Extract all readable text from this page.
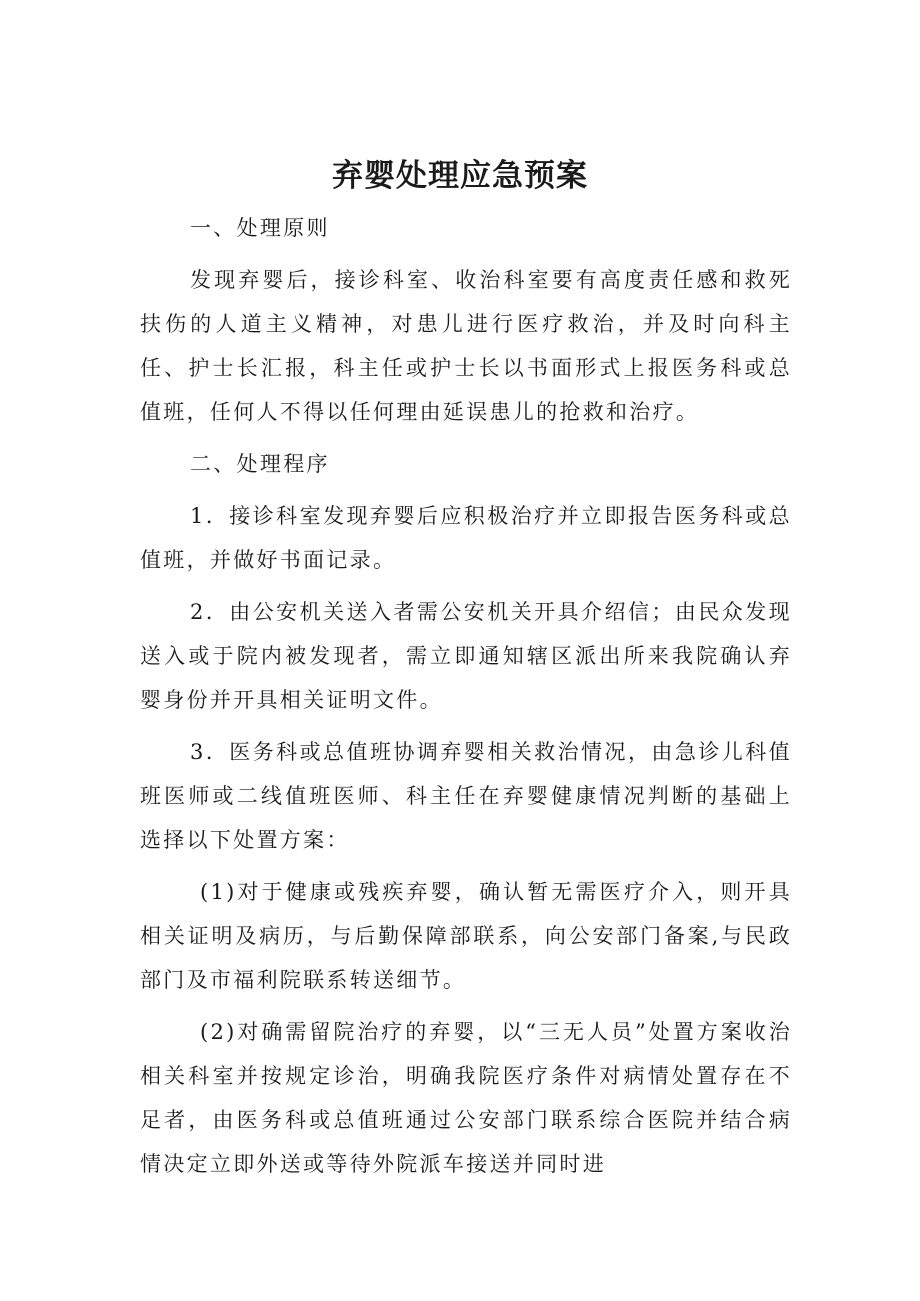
弃婴处理应急预案

一、处理原则

发现弃婴后，接诊科室、收治科室要有高度责任感和救死扶伤的人道主义精神，对患儿进行医疗救治，并及时向科主任、护士长汇报，科主任或护士长以书面形式上报医务科或总值班，任何人不得以任何理由延误患儿的抢救和治疗。

二、处理程序

1．接诊科室发现弃婴后应积极治疗并立即报告医务科或总值班，并做好书面记录。

2．由公安机关送入者需公安机关开具介绍信；由民众发现送入或于院内被发现者，需立即通知辖区派出所来我院确认弃婴身份并开具相关证明文件。

3．医务科或总值班协调弃婴相关救治情况，由急诊儿科值班医师或二线值班医师、科主任在弃婴健康情况判断的基础上选择以下处置方案：

(1)对于健康或残疾弃婴，确认暂无需医疗介入，则开具相关证明及病历，与后勤保障部联系，向公安部门备案,与民政部门及市福利院联系转送细节。

(2)对确需留院治疗的弃婴，以“三无人员”处置方案收治相关科室并按规定诊治，明确我院医疗条件对病情处置存在不足者，由医务科或总值班通过公安部门联系综合医院并结合病情决定立即外送或等待外院派车接送并同时进
